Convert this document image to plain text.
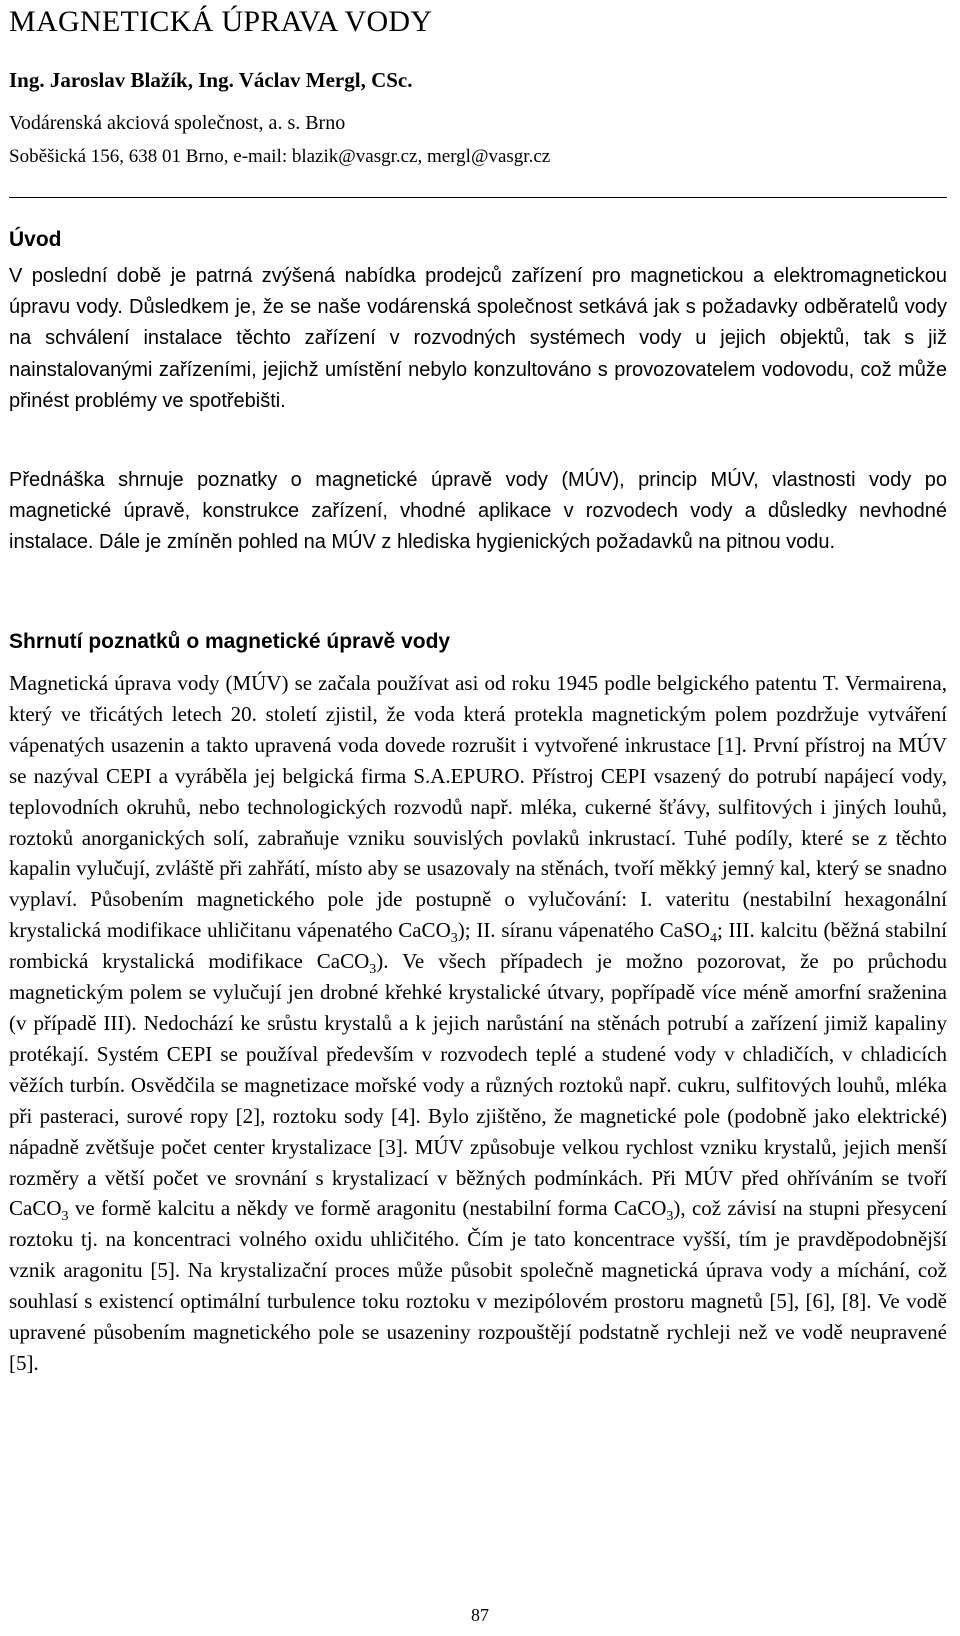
MAGNETICKÁ ÚPRAVA VODY

Ing. Jaroslav Blažík, Ing. Václav Mergl, CSc.

Vodárenská akciová společnost, a. s. Brno

Soběšická 156, 638 01 Brno, e-mail: blazik@vasgr.cz, mergl@vasgr.cz

Úvod

V poslední době je patrná zvýšená nabídka prodejců zařízení pro magnetickou a elektromagnetickou úpravu vody. Důsledkem je, že se naše vodárenská společnost setkává jak s požadavky odběratelů vody na schválení instalace těchto zařízení v rozvodných systémech vody u jejich objektů, tak s již nainstalovanými zařízeními, jejichž umístění nebylo konzultováno s provozovatelem vodovodu, což může přinést problémy ve spotřebišti.

Přednáška shrnuje poznatky o magnetické úpravě vody (MÚV), princip MÚV, vlastnosti vody po magnetické úpravě, konstrukce zařízení, vhodné aplikace v rozvodech vody a důsledky nevhodné instalace. Dále je zmíněn pohled na MÚV z hlediska hygienických požadavků na pitnou vodu.

Shrnutí poznatků o magnetické úpravě vody

Magnetická úprava vody (MÚV) se začala používat asi od roku 1945 podle belgického patentu T. Vermairena, který ve třicátých letech 20. století zjistil, že voda která protekla magnetickým polem pozdržuje vytváření vápenatých usazenin a takto upravená voda dovede rozrušit i vytvořené inkrustace [1]. První přístroj na MÚV se nazýval CEPI a vyráběla jej belgická firma S.A.EPURO. Přístroj CEPI vsazený do potrubí napájecí vody, teplovodních okruhů, nebo technologických rozvodů např. mléka, cukerné šťávy, sulfitových i jiných louhů, roztoků anorganických solí, zabraňuje vzniku souvislých povlaků inkrustací. Tuhé podíly, které se z těchto kapalin vylučují, zvláště při zahřátí, místo aby se usazovaly na stěnách, tvoří měkký jemný kal, který se snadno vyplaví. Působením magnetického pole jde postupně o vylučování: I. vateritu (nestabilní hexagonální krystalická modifikace uhličitanu vápenatého CaCO$_3$); II. síranu vápenatého CaSO$_4$; III. kalcitu (běžná stabilní rombická krystalická modifikace CaCO$_3$). Ve všech případech je možno pozorovat, že po průchodu magnetickým polem se vylučují jen drobné křehké krystalické útvary, popřípadě více méně amorfní sraženina (v případě III). Nedochází ke srůstu krystalů a k jejich narůstání na stěnách potrubí a zařízení jimiž kapaliny protékají. Systém CEPI se používal především v rozvodech teplé a studené vody v chladičích, v chladicích věžích turbín. Osvědčila se magnetizace mořské vody a různých roztoků např. cukru, sulfitových louhů, mléka při pasteraci, surové ropy [2], roztoku sody [4]. Bylo zjištěno, že magnetické pole (podobně jako elektrické) nápadně zvětšuje počet center krystalizace [3]. MÚV způsobuje velkou rychlost vzniku krystalů, jejich menší rozměry a větší počet ve srovnání s krystalizací v běžných podmínkách. Při MÚV před ohříváním se tvoří CaCO$_3$ ve formě kalcitu a někdy ve formě aragonitu (nestabilní forma CaCO$_3$), což závisí na stupni přesycení roztoku tj. na koncentraci volného oxidu uhličitého. Čím je tato koncentrace vyšší, tím je pravděpodobnější vznik aragonitu [5]. Na krystalizační proces může působit společně magnetická úprava vody a míchání, což souhlasí s existencí optimální turbulence toku roztoku v mezipólovém prostoru magnetů [5], [6], [8]. Ve vodě upravené působením magnetického pole se usazeniny rozpouštějí podstatně rychleji než ve vodě neupravené [5].

87
